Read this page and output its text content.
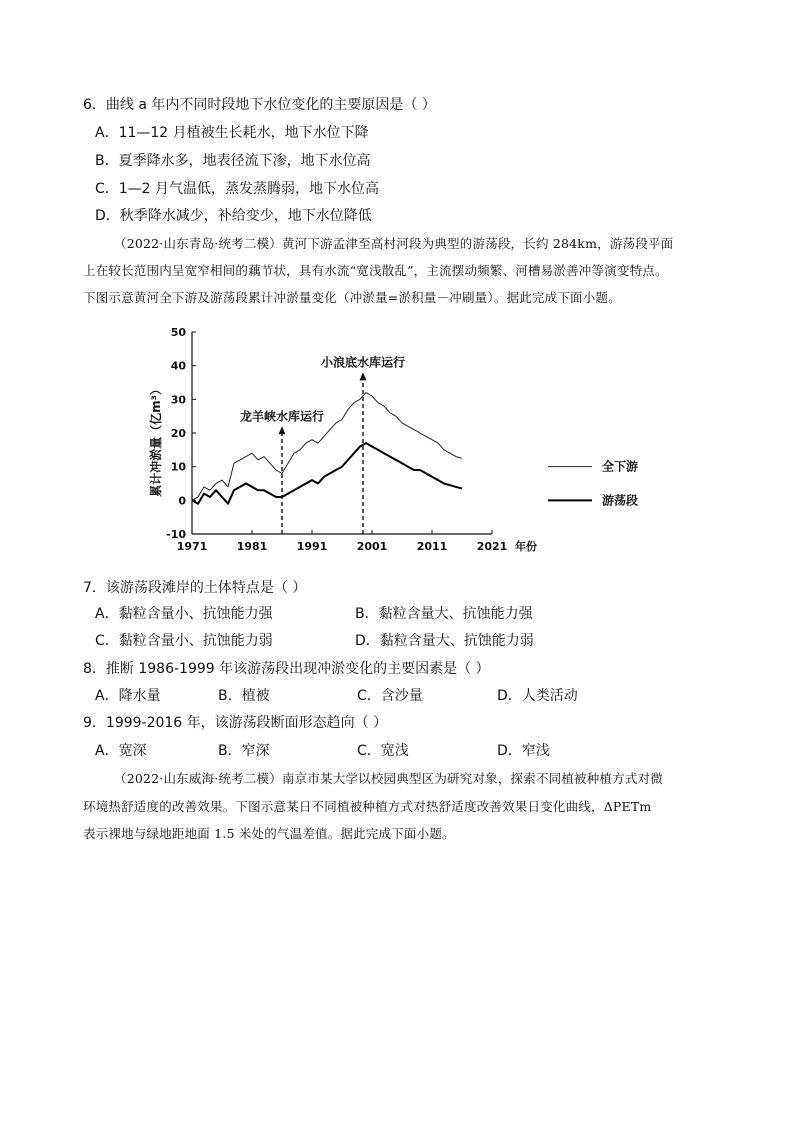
6．曲线 a 年内不同时段地下水位变化的主要原因是（ ）
A．11—12 月植被生长耗水，地下水位下降
B．夏季降水多，地表径流下渗，地下水位高
C．1—2 月气温低，蒸发蒸腾弱，地下水位高
D．秋季降水减少，补给变少，地下水位降低
（2022·山东青岛·统考二模）黄河下游孟津至高村河段为典型的游荡段，长约 284km，游荡段平面
上在较长范围内呈宽窄相间的藕节状，具有水流“宽浅散乱”，主流摆动频繁、河槽易淤善冲等演变特点。
下图示意黄河全下游及游荡段累计冲淤量变化（冲淤量=淤积量－冲刷量）。据此完成下面小题。
50
40
30
20
10
0
-10
1971	1981	1991	2001	2011	2021 年份
龙羊峡水库运行
小浪底水库运行
全下游
游荡段
累计冲淤量（亿m³）
7．该游荡段滩岸的土体特点是（ ）
A．黏粒含量小、抗蚀能力强	B．黏粒含量大、抗蚀能力强
C．黏粒含量小、抗蚀能力弱	D．黏粒含量大、抗蚀能力弱
8．推断 1986-1999 年该游荡段出现冲淤变化的主要因素是（ ）
A．降水量	B．植被	C．含沙量	D．人类活动
9．1999-2016 年，该游荡段断面形态趋向（ ）
A．宽深	B．窄深	C．宽浅	D．窄浅
（2022·山东威海·统考二模）南京市某大学以校园典型区为研究对象，探索不同植被种植方式对微
环境热舒适度的改善效果。下图示意某日不同植被种植方式对热舒适度改善效果日变化曲线，ΔPETm
表示裸地与绿地距地面 1.5 米处的气温差值。据此完成下面小题。
